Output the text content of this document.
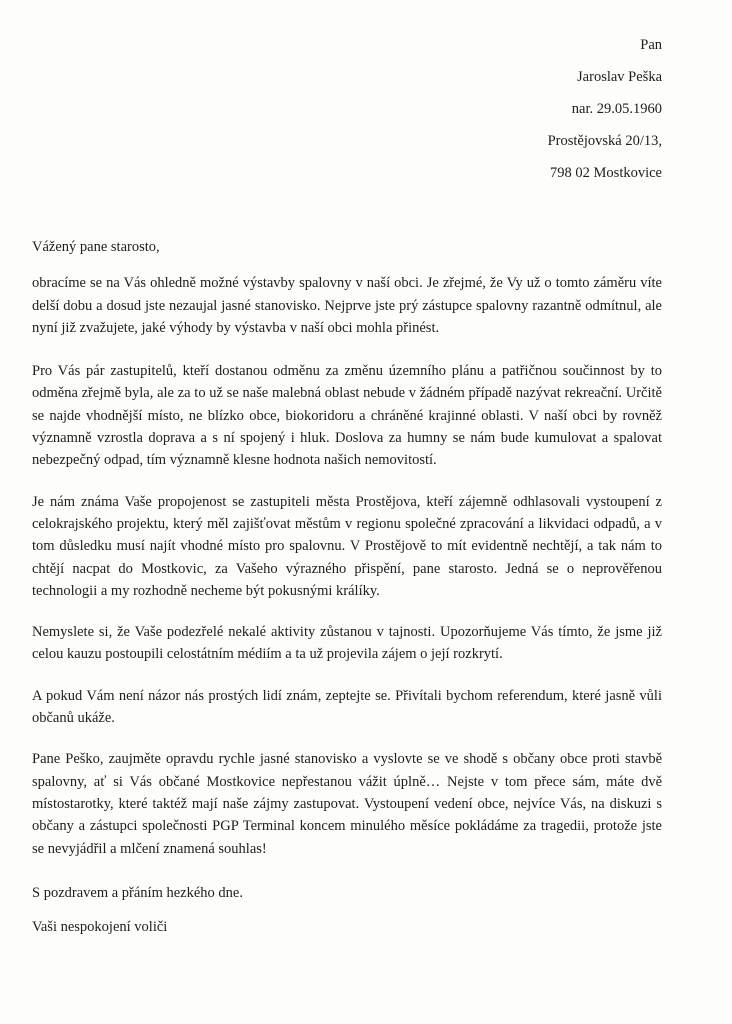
Pan
Jaroslav Peška
nar. 29.05.1960
Prostějovská 20/13,
798 02 Mostkovice

Vážený pane starosto,

obracíme se na Vás ohledně možné výstavby spalovny v naší obci. Je zřejmé, že Vy už o tomto záměru víte delší dobu a dosud jste nezaujal jasné stanovisko. Nejprve jste prý zástupce spalovny razantně odmítnul, ale nyní již zvažujete, jaké výhody by výstavba v naší obci mohla přinést.

Pro Vás pár zastupitelů, kteří dostanou odměnu za změnu územního plánu a patřičnou součinnost by to odměna zřejmě byla, ale za to už se naše malebná oblast nebude v žádném případě nazývat rekreační. Určitě se najde vhodnější místo, ne blízko obce, biokoridoru a chráněné krajinné oblasti. V naší obci by rovněž významně vzrostla doprava a s ní spojený i hluk. Doslova za humny se nám bude kumulovat a spalovat nebezpečný odpad, tím významně klesne hodnota našich nemovitostí.

Je nám známa Vaše propojenost se zastupiteli města Prostějova, kteří zájemně odhlasovali vystoupení z celokrajského projektu, který měl zajišťovat městům v regionu společné zpracování a likvidaci odpadů, a v tom důsledku musí najít vhodné místo pro spalovnu. V Prostějově to mít evidentně nechtějí, a tak nám to chtějí nacpat do Mostkovic, za Vašeho výrazného přispění, pane starosto. Jedná se o neprověřenou technologii a my rozhodně necheme být pokusnými králíky.

Nemyslete si, že Vaše podezřelé nekalé aktivity zůstanou v tajnosti. Upozorňujeme Vás tímto, že jsme již celou kauzu postoupili celostátním médiím a ta už projevila zájem o její rozkrytí.

A pokud Vám není názor nás prostých lidí znám, zeptejte se. Přivítali bychom referendum, které jasně vůli občanů ukáže.

Pane Peško, zaujměte opravdu rychle jasné stanovisko a vyslovte se ve shodě s občany obce proti stavbě spalovny, ať si Vás občané Mostkovice nepřestanou vážit úplně… Nejste v tom přece sám, máte dvě místostarotky, které taktéž mají naše zájmy zastupovat. Vystoupení vedení obce, nejvíce Vás, na diskuzi s občany a zástupci společnosti PGP Terminal koncem minulého měsíce pokládáme za tragedii, protože jste se nevyjádřil a mlčení znamená souhlas!

S pozdravem a přáním hezkého dne.

Vaši nespokojení voliči
